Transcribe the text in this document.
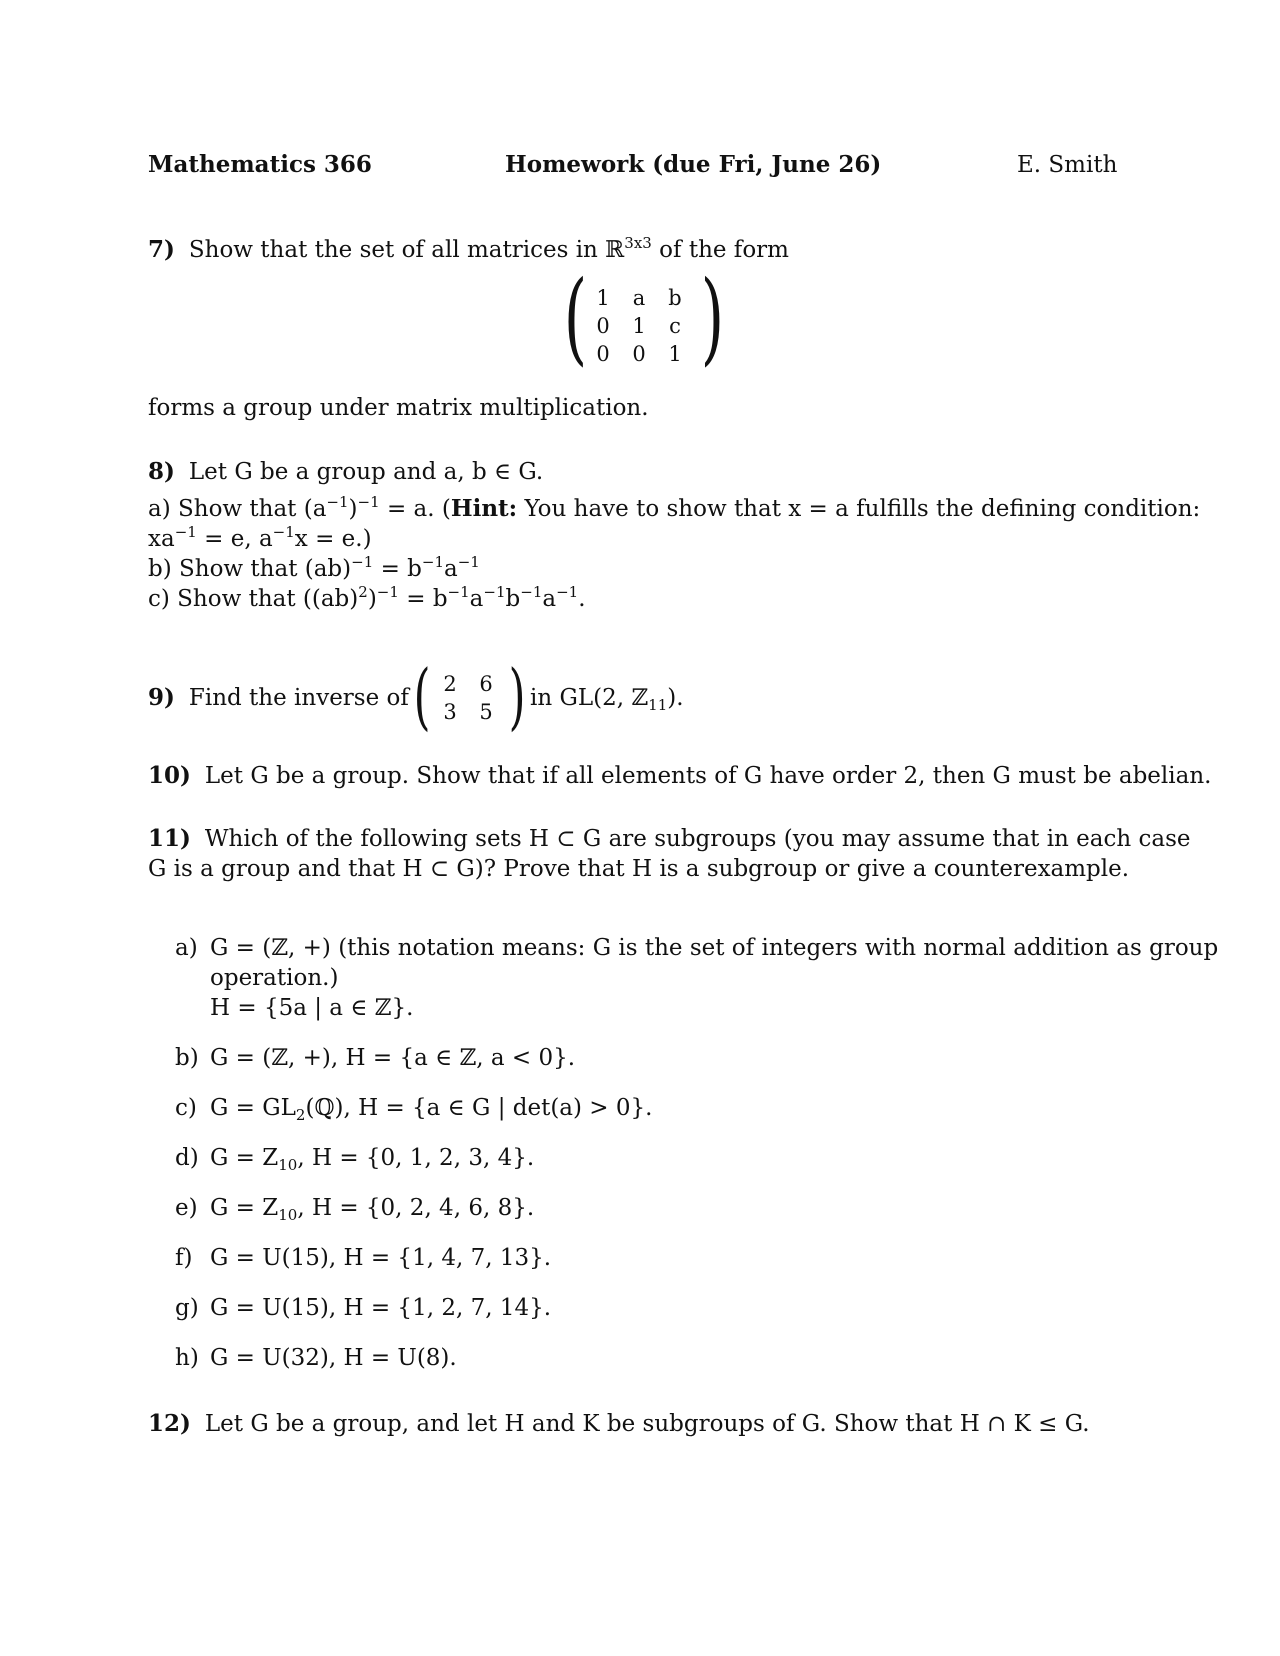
Mathematics 366	Homework (due Fri, June 26)	E. Smith
7) Show that the set of all matrices in ℝ$^{3x3}$ of the form
( 1	a	b
0	1	c
0	0	1 )
forms a group under matrix multiplication.
8) Let G be a group and a, b ∈ G.
a) Show that $(a^{-1})^{-1} = a$. (Hint: You have to show that x = a fulfills the defining condition:
$xa^{-1} = e$, $a^{-1}x = e$.)
b) Show that $(ab)^{-1} = b^{-1}a^{-1}$
c) Show that $((ab)^2)^{-1} = b^{-1}a^{-1}b^{-1}a^{-1}$.
9) Find the inverse of ( 2	6
3	5 ) in GL(2, ℤ$_{11}$).
10) Let G be a group. Show that if all elements of G have order 2, then G must be abelian.
11) Which of the following sets H ⊂ G are subgroups (you may assume that in each case
G is a group and that H ⊂ G)? Prove that H is a subgroup or give a counterexample.
a) G = (ℤ, +) (this notation means: G is the set of integers with normal addition as group
operation.)
H = {5a | a ∈ ℤ}.
b) G = (ℤ, +), H = {a ∈ ℤ, a < 0}.
c) $G = GL_2(ℚ)$, H = {a ∈ G | det(a) > 0}.
d) $G = Z_{10}$, H = {0, 1, 2, 3, 4}.
e) $G = Z_{10}$, H = {0, 2, 4, 6, 8}.
f) G = U(15), H = {1, 4, 7, 13}.
g) G = U(15), H = {1, 2, 7, 14}.
h) G = U(32), H = U(8).
12) Let G be a group, and let H and K be subgroups of G. Show that H ∩ K ≤ G.
